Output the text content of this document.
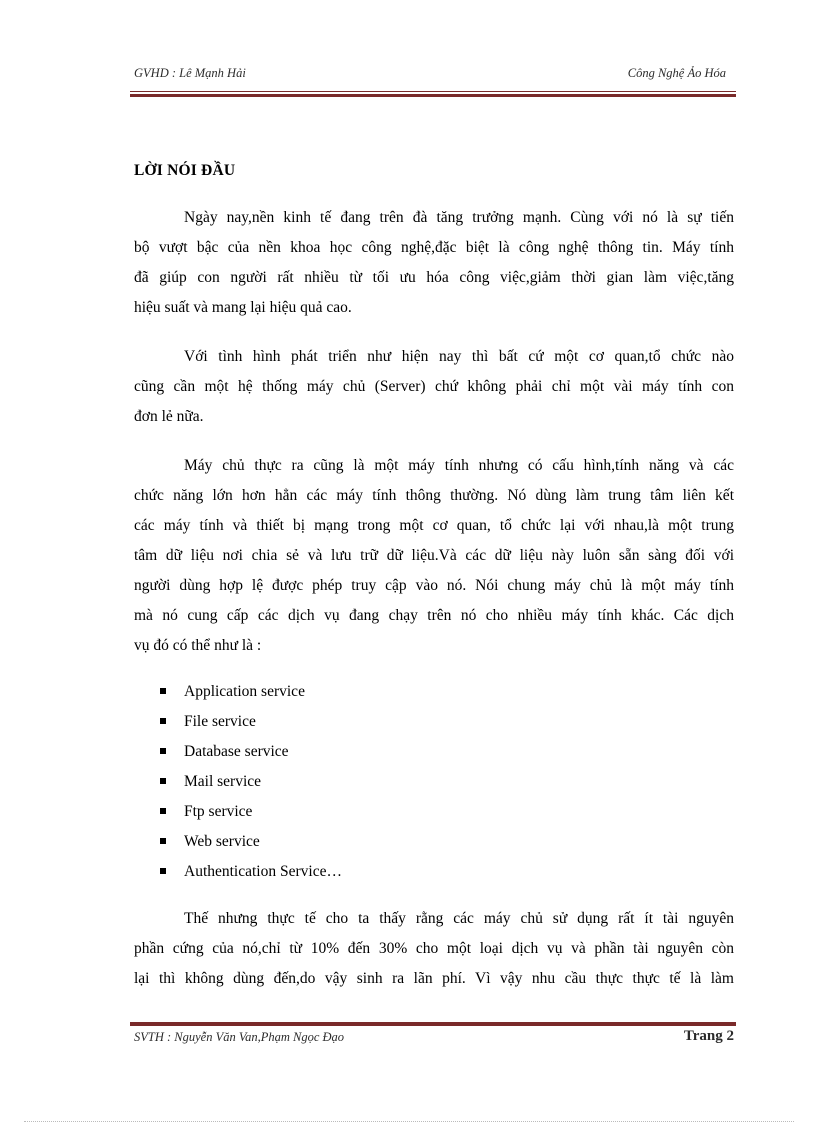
GVHD : Lê Mạnh Hải	Công Nghệ Ảo Hóa
LỜI NÓI ĐẦU
Ngày nay,nền kinh tế đang trên đà tăng trưởng mạnh. Cùng với nó là sự tiến
bộ vượt bậc của nền khoa học công nghệ,đặc biệt là công nghệ thông tin. Máy tính
đã giúp con người rất nhiều từ tối ưu hóa công việc,giảm thời gian làm việc,tăng
hiệu suất và mang lại hiệu quả cao.
Với tình hình phát triển như hiện nay thì bất cứ một cơ quan,tổ chức nào
cũng cần một hệ thống máy chủ (Server) chứ không phải chỉ một vài máy tính con
đơn lẻ nữa.
Máy chủ thực ra cũng là một máy tính nhưng có cấu hình,tính năng và các
chức năng lớn hơn hẳn các máy tính thông thường. Nó dùng làm trung tâm liên kết
các máy tính và thiết bị mạng trong một cơ quan, tổ chức lại với nhau,là một trung
tâm dữ liệu nơi chia sẻ và lưu trữ dữ liệu.Và các dữ liệu này luôn sẵn sàng đối với
người dùng hợp lệ được phép truy cập vào nó. Nói chung máy chủ là một máy tính
mà nó cung cấp các dịch vụ đang chạy trên nó cho nhiều máy tính khác. Các dịch
vụ đó có thể như là :
Application service
File service
Database service
Mail service
Ftp service
Web service
Authentication Service…
Thế nhưng thực tế cho ta thấy rằng các máy chủ sử dụng rất ít tài nguyên
phần cứng của nó,chỉ từ 10% đến 30% cho một loại dịch vụ và phần tài nguyên còn
lại thì không dùng đến,do vậy sinh ra lãn phí. Vì vậy nhu cầu thực thực tế là làm
SVTH : Nguyễn Văn Van,Phạm Ngọc Đạo	Trang 2
